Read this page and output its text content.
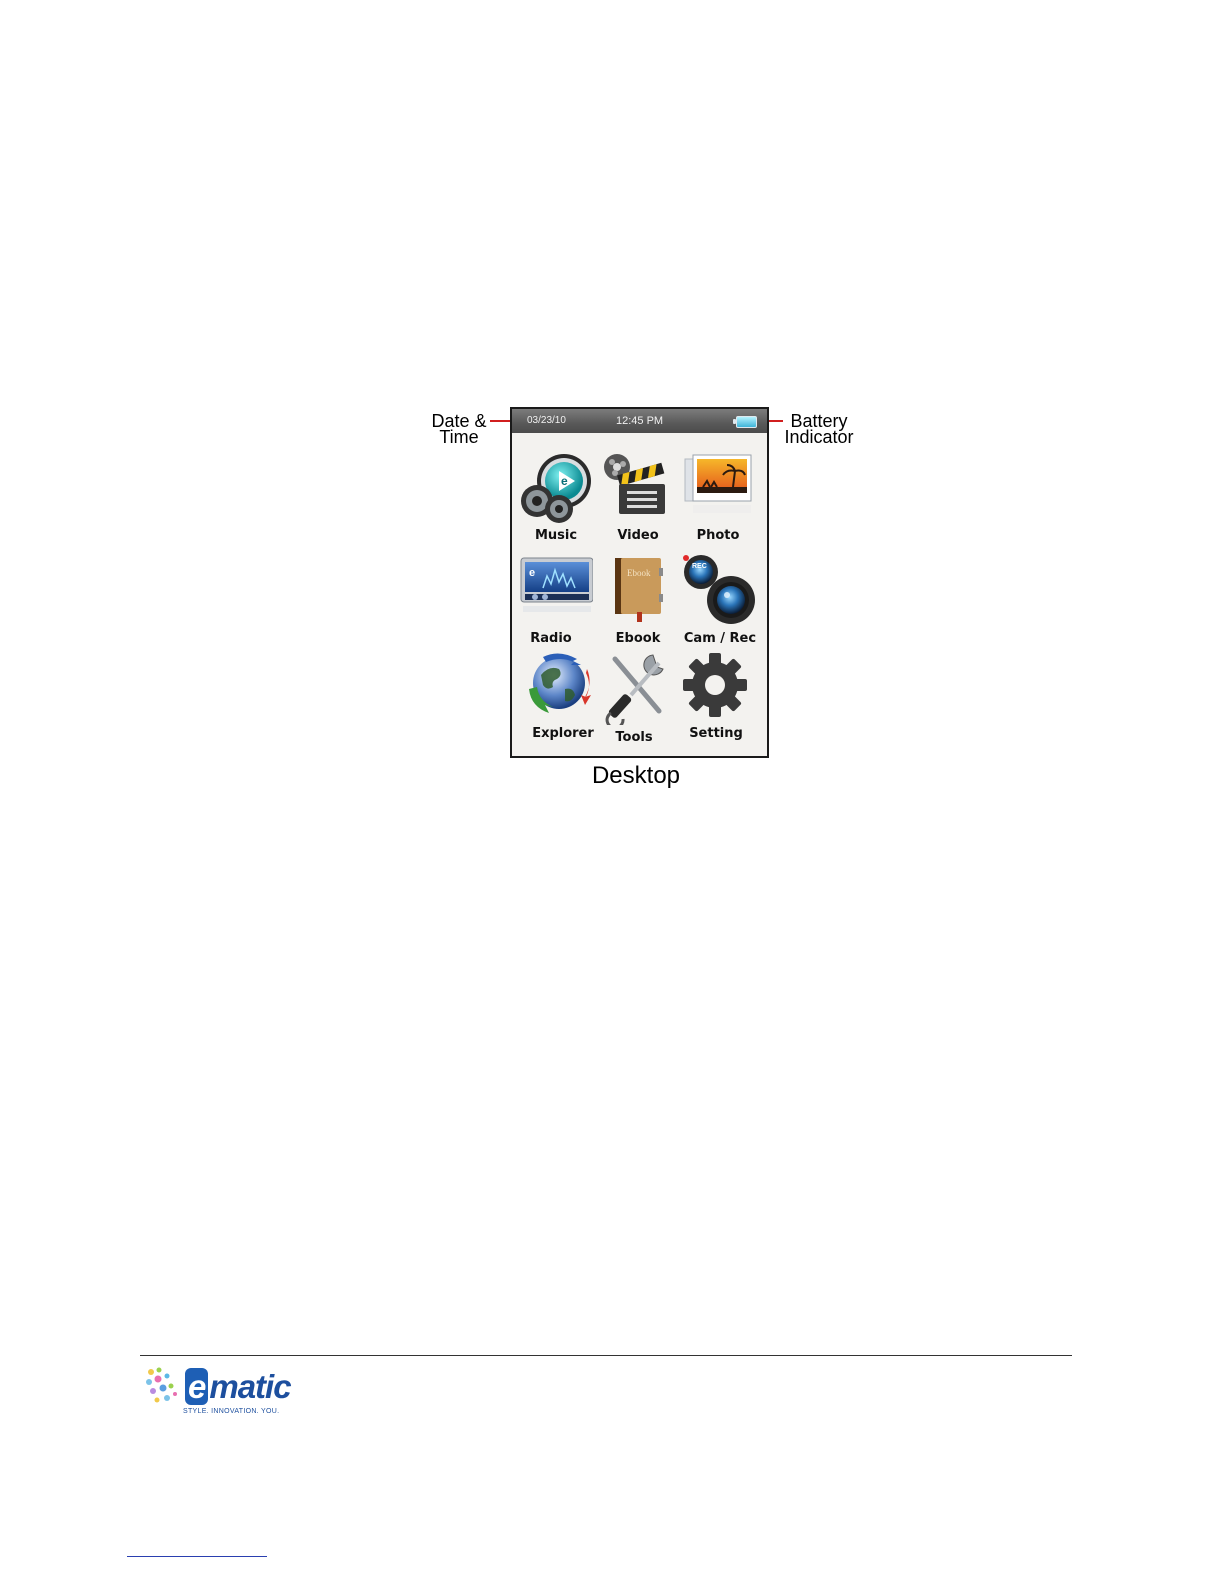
Date &
Time
Battery
Indicator
03/23/10	12:45 PM
e
Music	Video	Photo
e
Radio
Ebook
Ebook
REC
Cam / Rec
Explorer	Tools	Setting
Desktop
e matic
STYLE. INNOVATION. YOU.
